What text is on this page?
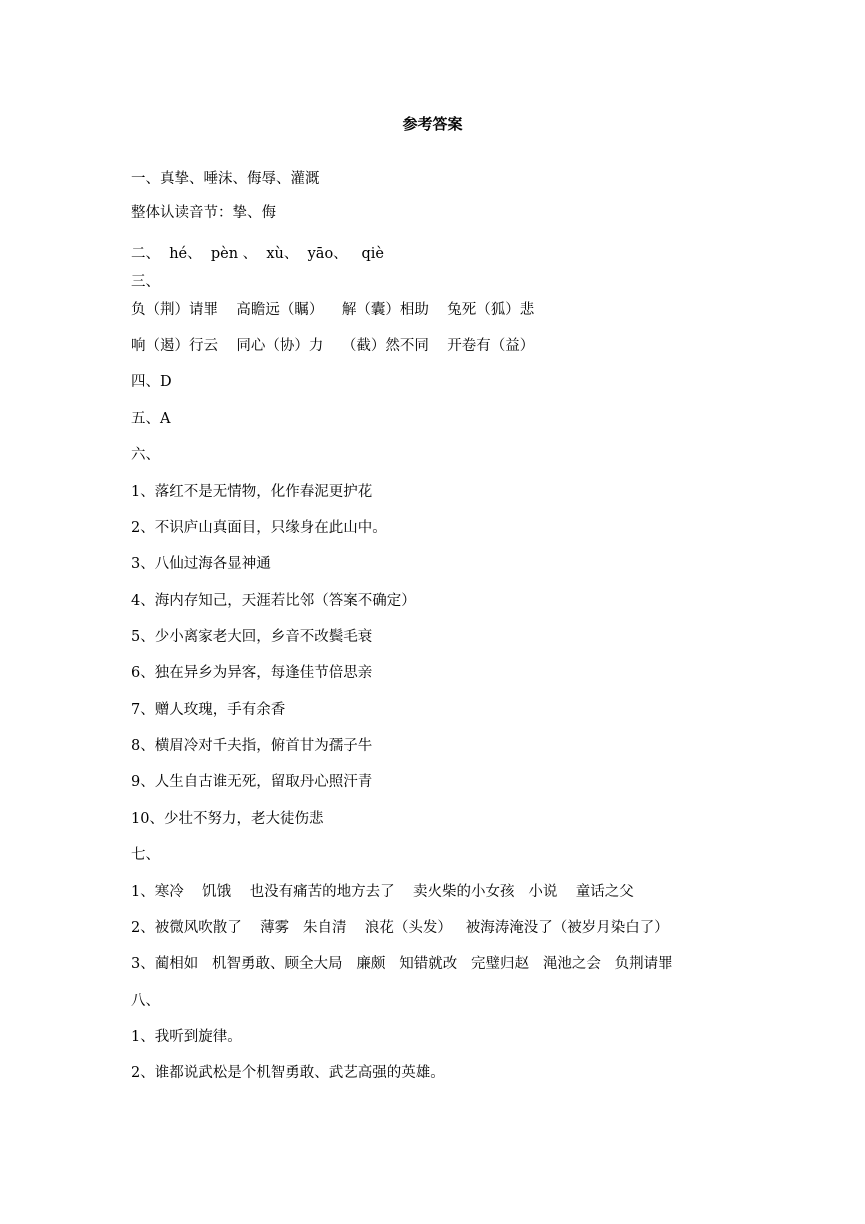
参考答案
一、真挚、唾沫、侮辱、灌溉
整体认读音节：挚、侮
二、  hé、  pèn 、  xù、  yāo、   qiè
三、
负（荆）请罪    高瞻远（瞩）    解（囊）相助    兔死（狐）悲
响（遏）行云    同心（协）力    （截）然不同    开卷有（益）
四、D
五、A
六、
1、落红不是无情物，化作春泥更护花
2、不识庐山真面目，只缘身在此山中。
3、八仙过海各显神通
4、海内存知己，天涯若比邻（答案不确定）
5、少小离家老大回，乡音不改鬓毛衰
6、独在异乡为异客，每逢佳节倍思亲
7、赠人玫瑰，手有余香
8、横眉冷对千夫指，俯首甘为孺子牛
9、人生自古谁无死，留取丹心照汗青
10、少壮不努力，老大徒伤悲
七、
1、寒冷    饥饿    也没有痛苦的地方去了    卖火柴的小女孩   小说    童话之父
2、被微风吹散了    薄雾   朱自清    浪花（头发）   被海涛淹没了（被岁月染白了）
3、蔺相如   机智勇敢、顾全大局   廉颇   知错就改   完璧归赵   渑池之会   负荆请罪
八、
1、我听到旋律。
2、谁都说武松是个机智勇敢、武艺高强的英雄。
